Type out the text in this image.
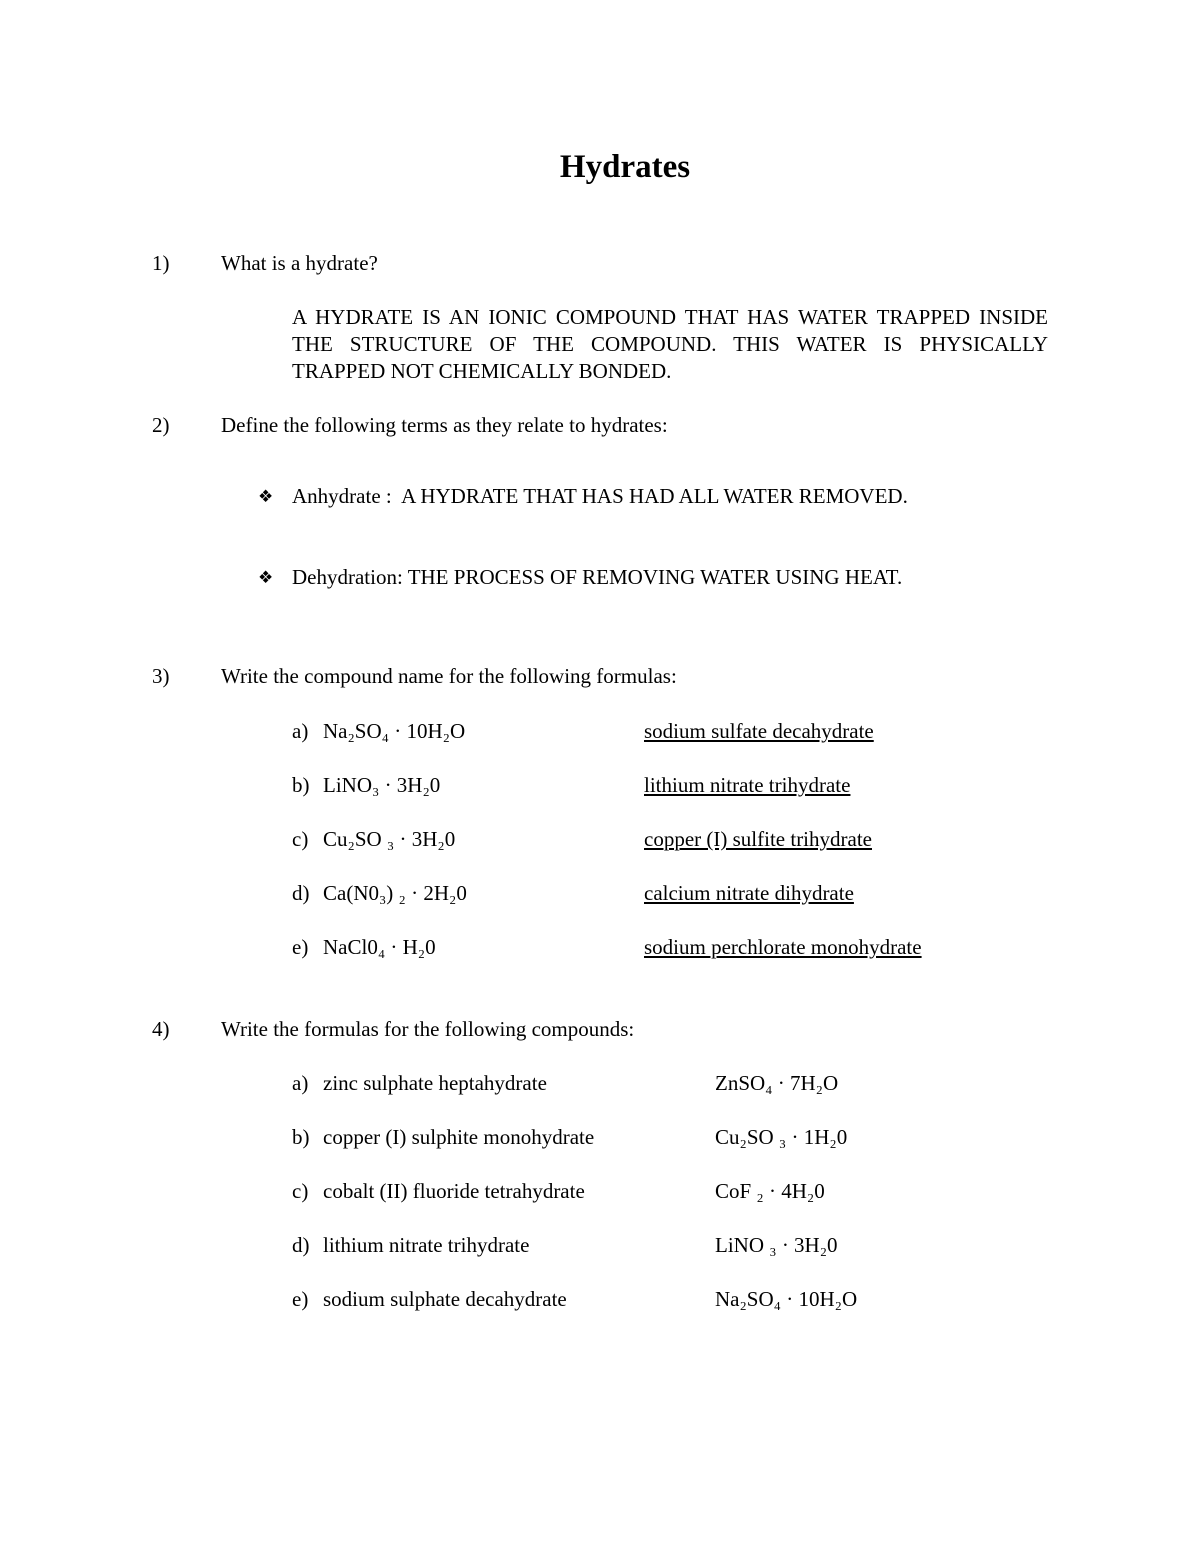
Hydrates
1) What is a hydrate?
A HYDRATE IS AN IONIC COMPOUND THAT HAS WATER TRAPPED INSIDE THE STRUCTURE OF THE COMPOUND. THIS WATER IS PHYSICALLY TRAPPED NOT CHEMICALLY BONDED.
2) Define the following terms as they relate to hydrates:
❖ Anhydrate : A HYDRATE THAT HAS HAD ALL WATER REMOVED.
❖ Dehydration: THE PROCESS OF REMOVING WATER USING HEAT.
3) Write the compound name for the following formulas:
a) Na₂SO₄ · 10H₂O	sodium sulfate decahydrate
b) LiNO₃ · 3H₂0	lithium nitrate trihydrate
c) Cu₂SO ₃ · 3H₂0	copper (I) sulfite trihydrate
d) Ca(N0₃) ₂ · 2H₂0	calcium nitrate dihydrate
e) NaCl0₄ · H₂0	sodium perchlorate monohydrate
4) Write the formulas for the following compounds:
a) zinc sulphate heptahydrate	ZnSO₄ · 7H₂O
b) copper (I) sulphite monohydrate	Cu₂SO ₃ · 1H₂0
c) cobalt (II) fluoride tetrahydrate	CoF ₂ · 4H₂0
d) lithium nitrate trihydrate	LiNO ₃ · 3H₂0
e) sodium sulphate decahydrate	Na₂SO₄ · 10H₂O
